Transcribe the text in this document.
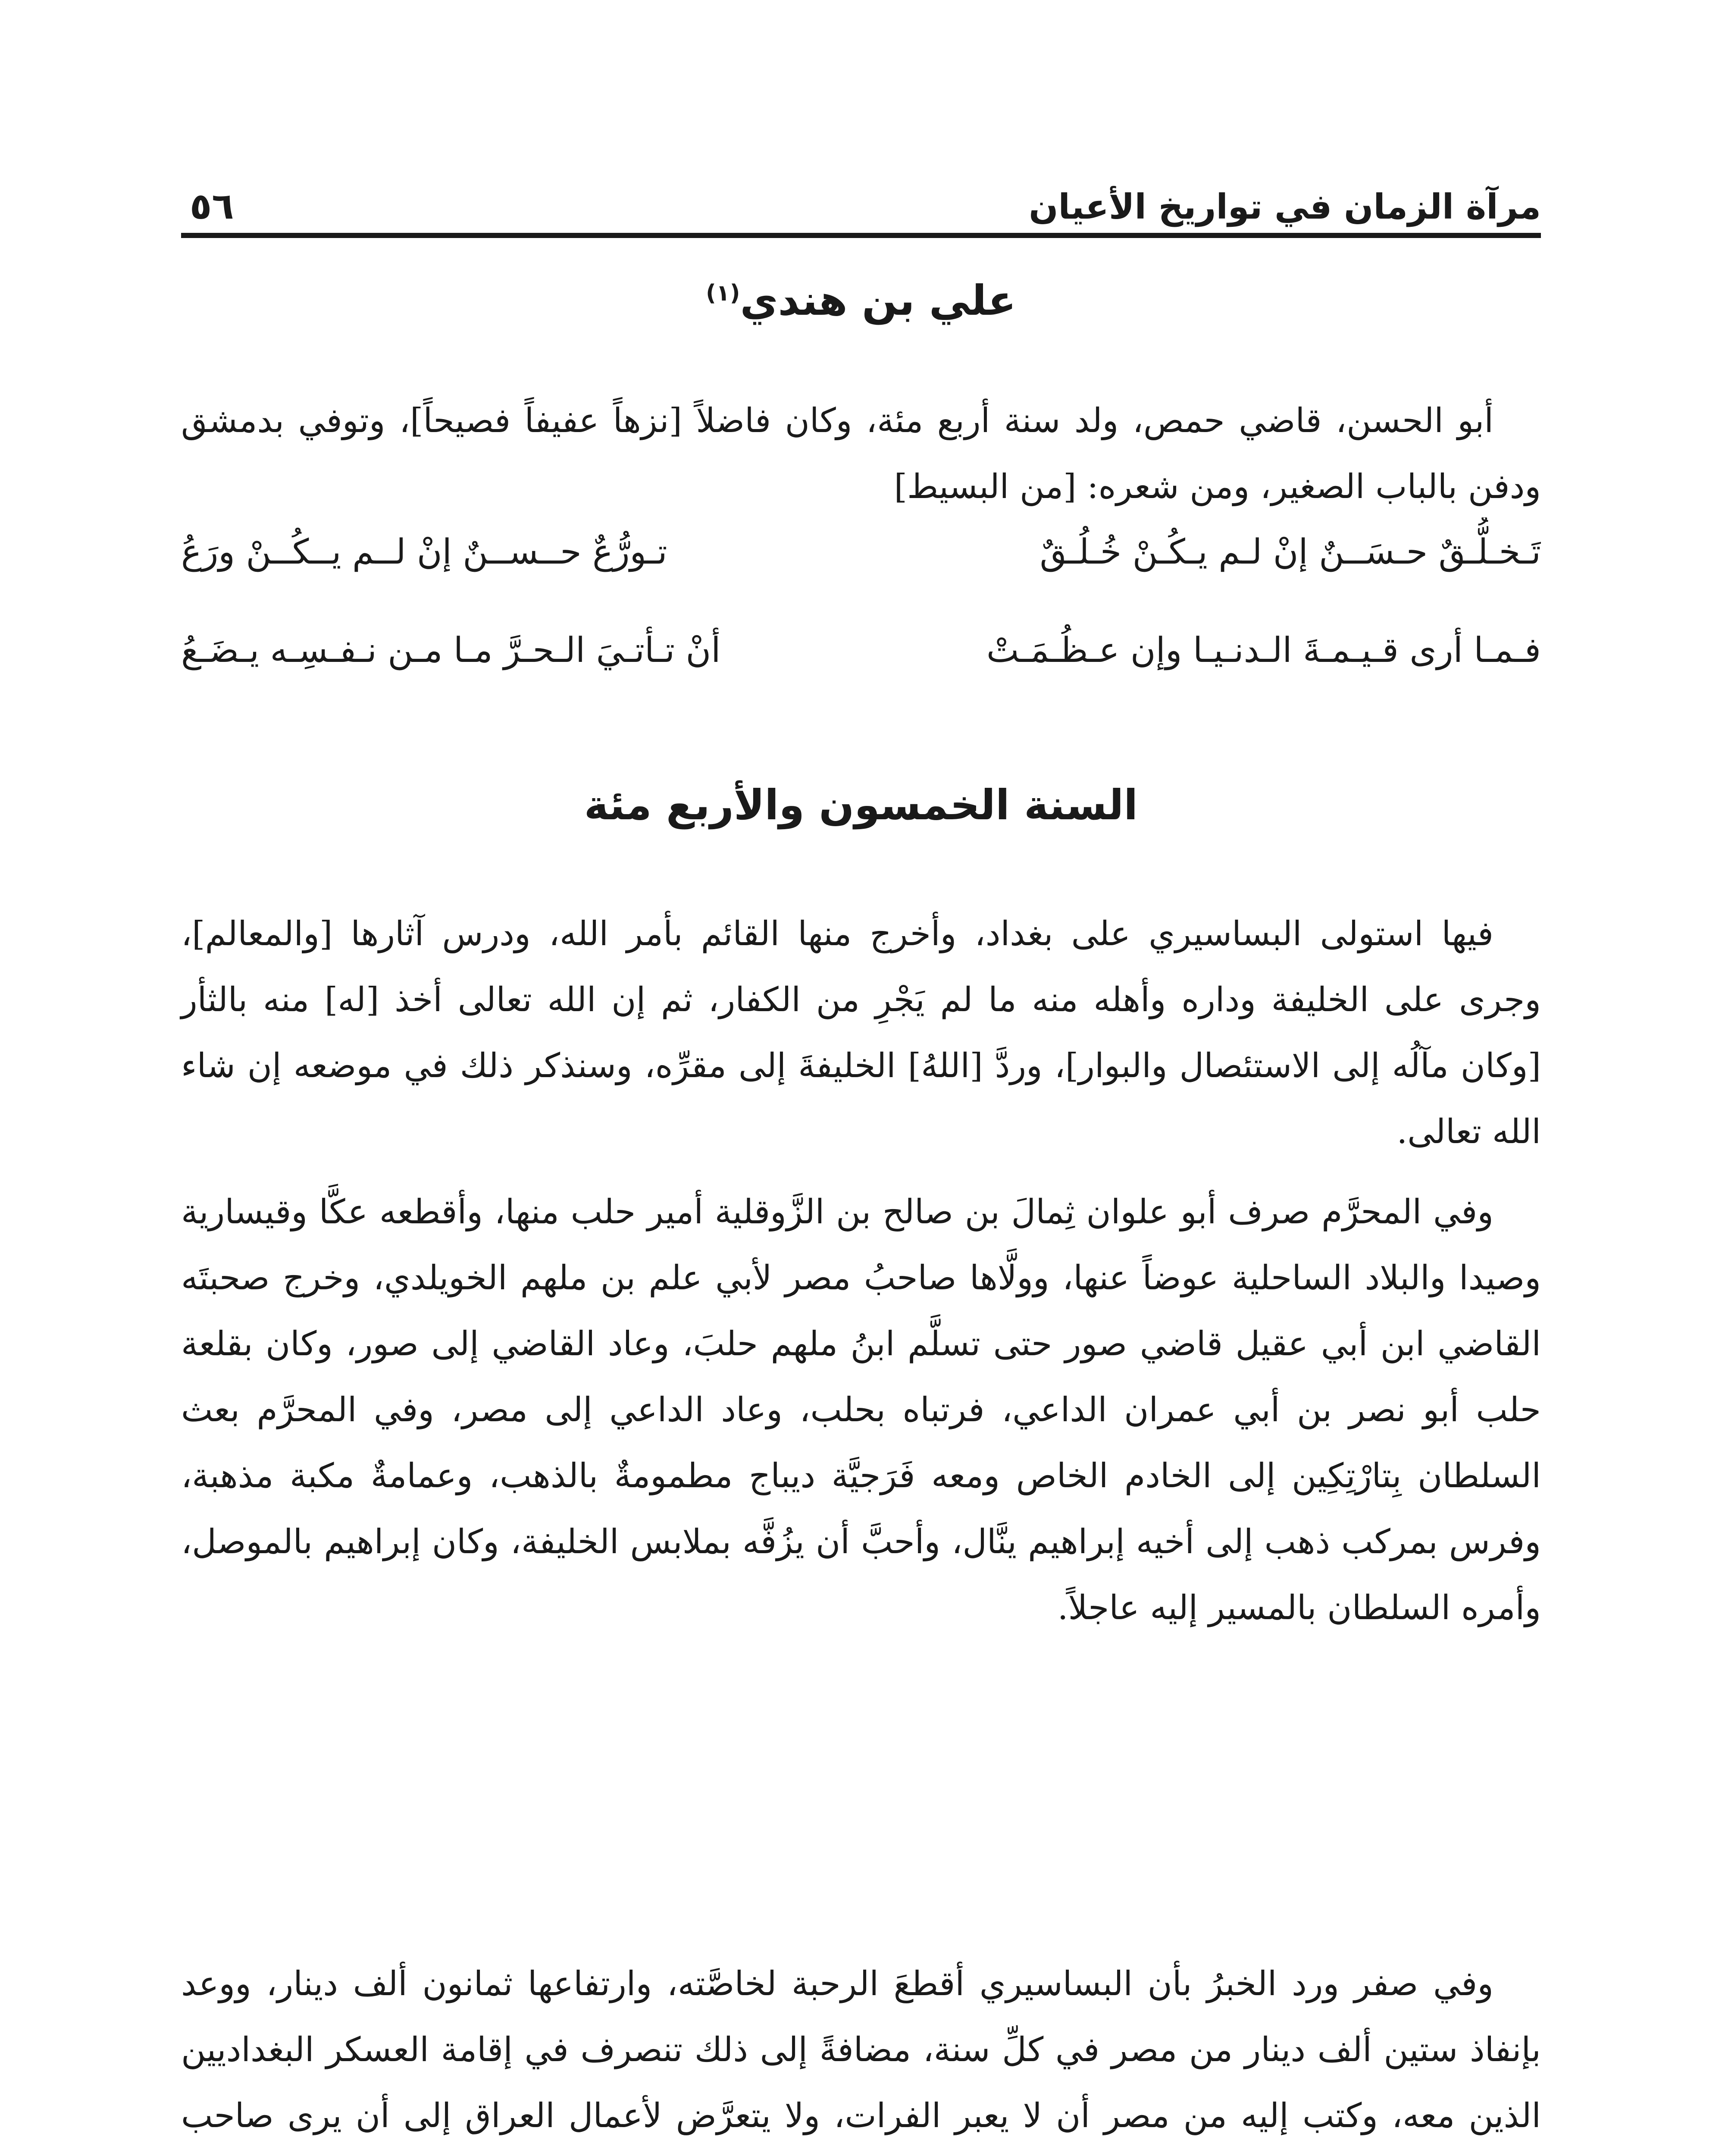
مرآة الزمان في تواريخ الأعيان
٥٦
علي بن هندي$^{(١)}$

أبو الحسن، قاضي حمص، ولد سنة أربع مئة، وكان فاضلاً [نزهاً عفيفاً فصيحاً]، وتوفي بدمشق ودفن بالباب الصغير، ومن شعره: [من البسيط]

تَـخـلُّـقٌ حـسَــنٌ إنْ لـم يـكُـنْ خُـلُـقٌ
تـورُّعٌ حــســنٌ إنْ لــم يــكُــنْ ورَعُ
فـمـا أرى قـيـمـةَ الـدنـيـا وإن عـظُـمَـتْ
أنْ تـأتـيَ الـحـرَّ مـا مـن نـفـسِـه يـضَـعُ
السنة الخمسون والأربع مئة

فيها استولى البساسيري على بغداد، وأخرج منها القائم بأمر الله، ودرس آثارها [والمعالم]، وجرى على الخليفة وداره وأهله منه ما لم يَجْرِ من الكفار، ثم إن الله تعالى أخذ [له] منه بالثأر [وكان مآلُه إلى الاستئصال والبوار]، وردَّ [اللهُ] الخليفةَ إلى مقرِّه، وسنذكر ذلك في موضعه إن شاء الله تعالى.

وفي المحرَّم صرف أبو علوان ثِمالَ بن صالح بن الزَّوقلية أمير حلب منها، وأقطعه عكَّا وقيسارية وصيدا والبلاد الساحلية عوضاً عنها، وولَّاها صاحبُ مصر لأبي علم بن ملهم الخويلدي، وخرج صحبتَه القاضي ابن أبي عقيل قاضي صور حتى تسلَّم ابنُ ملهم حلبَ، وعاد القاضي إلى صور، وكان بقلعة حلب أبو نصر بن أبي عمران الداعي، فرتباه بحلب، وعاد الداعي إلى مصر، وفي المحرَّم بعث السلطان بِتارْتِكِين إلى الخادم الخاص ومعه فَرَجيَّة ديباج مطمومةٌ بالذهب، وعمامةٌ مكبة مذهبة، وفرس بمركب ذهب إلى أخيه إبراهيم ينَّال، وأحبَّ أن يزُفَّه بملابس الخليفة، وكان إبراهيم بالموصل، وأمره السلطان بالمسير إليه عاجلاً.

وفي صفر ورد الخبرُ بأن البساسيري أقطعَ الرحبة لخاصَّته، وارتفاعها ثمانون ألف دينار، ووعد بإنفاذ ستين ألف دينار من مصر في كلِّ سنة، مضافةً إلى ذلك تنصرف في إقامة العسكر البغداديين الذين معه، وكتب إليه من مصر أن لا يعبر الفرات، ولا يتعرَّض لأعمال العراق إلى أن يرى صاحب
